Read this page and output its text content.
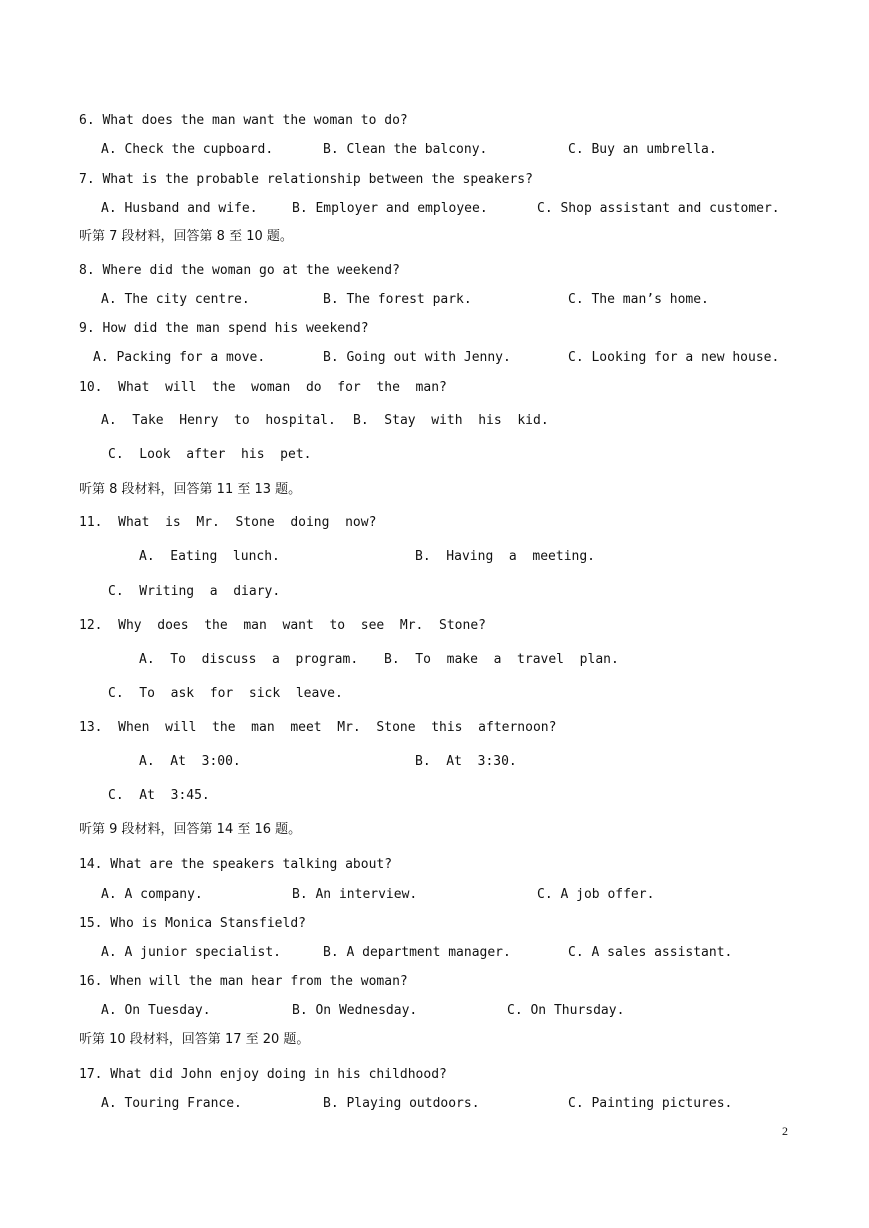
6. What does the man want the woman to do?
A. Check the cupboard.	B. Clean the balcony.	C. Buy an umbrella.
7. What is the probable relationship between the speakers?
A. Husband and wife.	B. Employer and employee.	C. Shop assistant and customer.
听第 7 段材料，回答第 8 至 10 题。
8. Where did the woman go at the weekend?
A. The city centre.	B. The forest park.	C. The man’s home.
9. How did the man spend his weekend?
A. Packing for a move.	B. Going out with Jenny.	C. Looking for a new house.
10.  What  will  the  woman  do  for  the  man?
A.  Take  Henry  to  hospital. B.  Stay  with  his  kid.
C.  Look  after  his  pet.
听第 8 段材料，回答第 11 至 13 题。
11.  What  is  Mr.  Stone  doing  now?
A.  Eating  lunch.	B.  Having  a  meeting.
C.  Writing  a  diary.
12.  Why  does  the  man  want  to  see  Mr.  Stone?
A.  To  discuss  a  program. B.  To  make  a  travel  plan.
C.  To  ask  for  sick  leave.
13.  When  will  the  man  meet  Mr.  Stone  this  afternoon?
A.  At  3:00.	B.  At  3:30.
C.  At  3:45.
听第 9 段材料，回答第 14 至 16 题。
14. What are the speakers talking about?
A. A company.	B. An interview.	C. A job offer.
15. Who is Monica Stansfield?
A. A junior specialist.	B. A department manager.	C. A sales assistant.
16. When will the man hear from the woman?
A. On Tuesday.	B. On Wednesday.	C. On Thursday.
听第 10 段材料，回答第 17 至 20 题。
17. What did John enjoy doing in his childhood?
A. Touring France.	B. Playing outdoors.	C. Painting pictures.
2
